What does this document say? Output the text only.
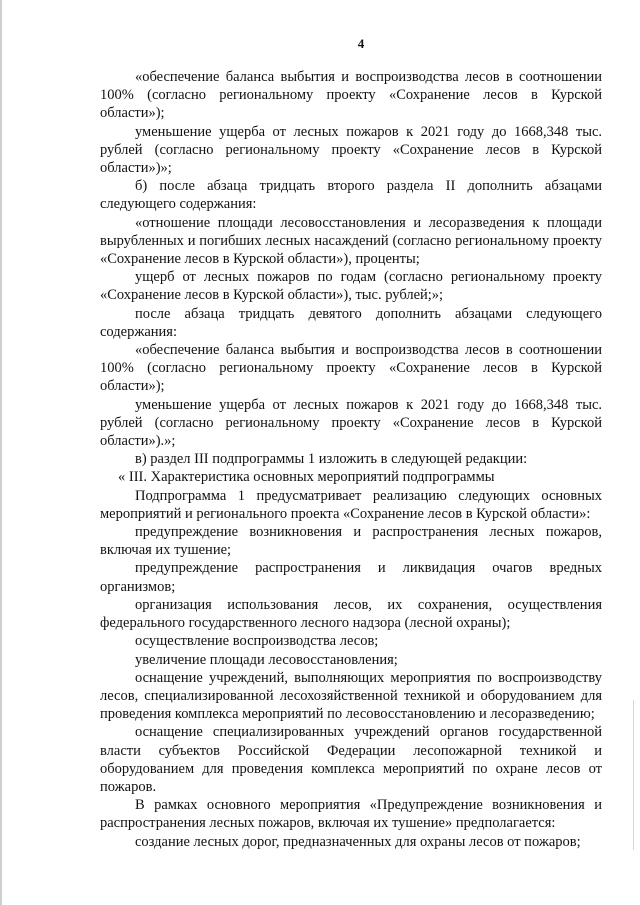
4

«обеспечение баланса выбытия и воспроизводства лесов в соотношении 100% (согласно региональному проекту «Сохранение лесов в Курской области»);

уменьшение ущерба от лесных пожаров к 2021 году до 1668,348 тыс. рублей (согласно региональному проекту «Сохранение лесов в Курской области»)»;

б) после абзаца тридцать второго раздела II дополнить абзацами следующего содержания:

«отношение площади лесовосстановления и лесоразведения к площади вырубленных и погибших лесных насаждений (согласно региональному проекту «Сохранение лесов в Курской области»), проценты;

ущерб от лесных пожаров по годам (согласно региональному проекту «Сохранение лесов в Курской области»), тыс. рублей;»;

после абзаца тридцать девятого дополнить абзацами следующего содержания:

«обеспечение баланса выбытия и воспроизводства лесов в соотношении 100% (согласно региональному проекту «Сохранение лесов в Курской области»);

уменьшение ущерба от лесных пожаров к 2021 году до 1668,348 тыс. рублей (согласно региональному проекту «Сохранение лесов в Курской области»).»;

в) раздел III подпрограммы 1 изложить в следующей редакции:

« III. Характеристика основных мероприятий подпрограммы

Подпрограмма 1 предусматривает реализацию следующих основных мероприятий и регионального проекта «Сохранение лесов в Курской области»:

предупреждение возникновения и распространения лесных пожаров, включая их тушение;

предупреждение распространения и ликвидация очагов вредных организмов;

организация использования лесов, их сохранения, осуществления федерального государственного лесного надзора (лесной охраны);

осуществление воспроизводства лесов;

увеличение площади лесовосстановления;

оснащение учреждений, выполняющих мероприятия по воспроизводству лесов, специализированной лесохозяйственной техникой и оборудованием для проведения комплекса мероприятий по лесовосстановлению и лесоразведению;

оснащение специализированных учреждений органов государственной власти субъектов Российской Федерации лесопожарной техникой и оборудованием для проведения комплекса мероприятий по охране лесов от пожаров.

В рамках основного мероприятия «Предупреждение возникновения и распространения лесных пожаров, включая их тушение» предполагается:

создание лесных дорог, предназначенных для охраны лесов от пожаров;
